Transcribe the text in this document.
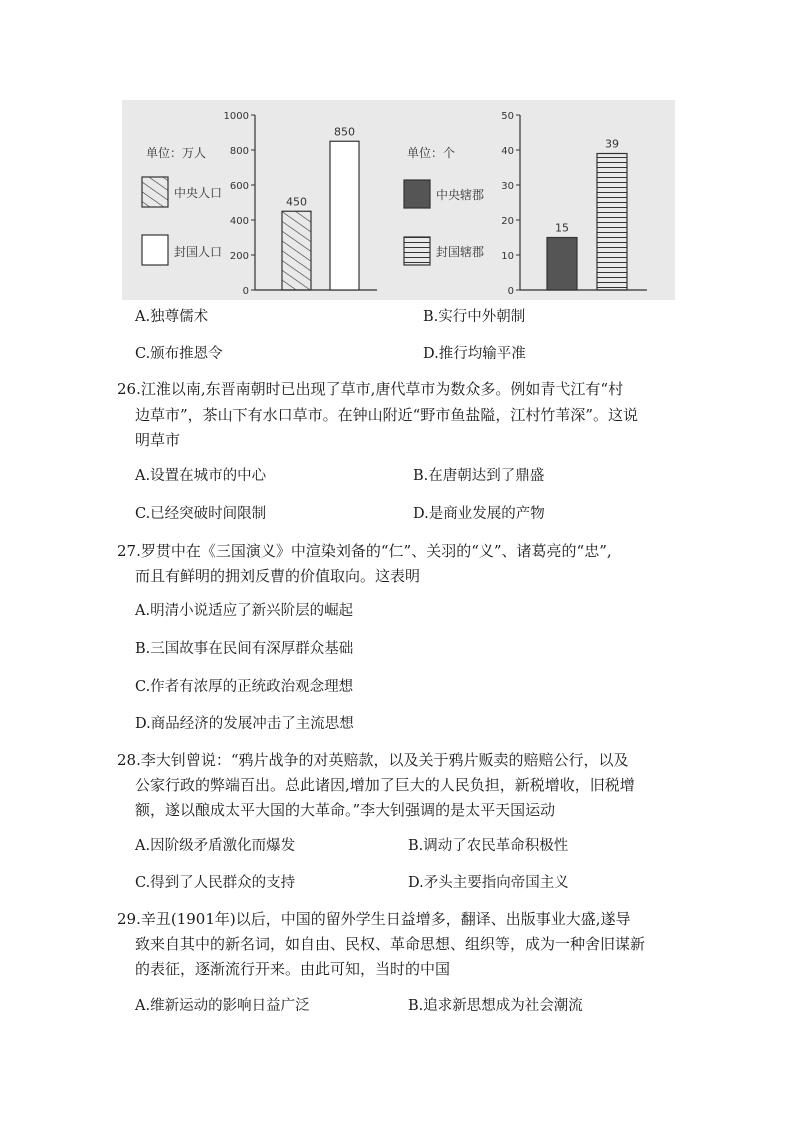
单位：万人
中央人口
封国人口
0
200
400
600
800
1000
450
850
单位：个
中央辖郡
封国辖郡
0
10
20
30
40
50
15
39
A.独尊儒术	B.实行中外朝制
C.颁布推恩令	D.推行均输平准
26.江淮以南,东晋南朝时已出现了草市,唐代草市为数众多。例如青弋江有“村
边草市”，茶山下有水口草市。在钟山附近“野市鱼盐隘，江村竹苇深”。这说
明草市
A.设置在城市的中心	B.在唐朝达到了鼎盛
C.已经突破时间限制	D.是商业发展的产物
27.罗贯中在《三国演义》中渲染刘备的“仁”、关羽的“义”、诸葛亮的“忠”,
而且有鲜明的拥刘反曹的价值取向。这表明
A.明清小说适应了新兴阶层的崛起
B.三国故事在民间有深厚群众基础
C.作者有浓厚的正统政治观念理想
D.商品经济的发展冲击了主流思想
28.李大钊曾说：“鸦片战争的对英赔款，以及关于鸦片贩卖的赔赔公行，以及
公家行政的弊端百出。总此诸因,增加了巨大的人民负担，新税增收，旧税增
额，遂以酿成太平大国的大革命。”李大钊强调的是太平天国运动
A.因阶级矛盾激化而爆发	B.调动了农民革命积极性
C.得到了人民群众的支持	D.矛头主要指向帝国主义
29.辛丑(1901年)以后，中国的留外学生日益增多，翻译、出版事业大盛,遂导
致来自其中的新名词，如自由、民权、革命思想、组织等，成为一种舍旧谋新
的表征，逐渐流行开来。由此可知，当时的中国
A.维新运动的影响日益广泛	B.追求新思想成为社会潮流
